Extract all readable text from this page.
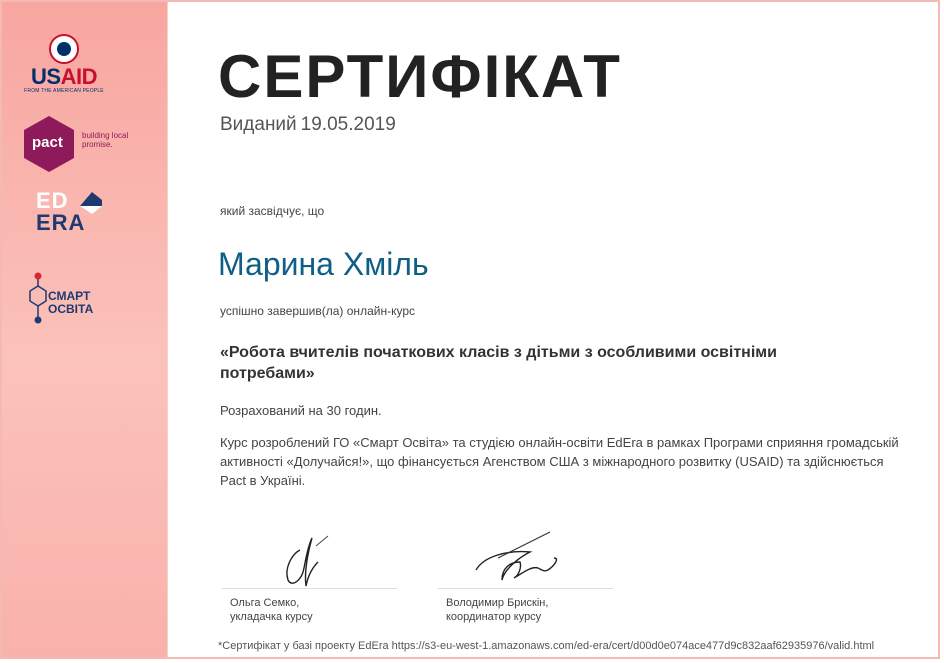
USAID
FROM THE AMERICAN PEOPLE
pact building local promise.
ED
ERA
СМАРТ
ОСВІТА
СЕРТИФІКАТ
Виданий 19.05.2019
який засвідчує, що
Марина Хміль
успішно завершив(ла) онлайн-курс
«Робота вчителів початкових класів з дітьми з особливими освітніми потребами»
Розрахований на 30 годин.
Курс розроблений ГО «Смарт Освіта» та студією онлайн-освіти EdEra в рамках Програми сприяння громадській активності «Долучайся!», що фінансується Агенством США з міжнародного розвитку (USAID) та здійснюється Pact в Україні.
Ольга Семко,
укладачка курсу
Володимир Брискін,
координатор курсу
*Сертифікат у базі проекту EdEra https://s3-eu-west-1.amazonaws.com/ed-era/cert/d00d0e074ace477d9c832aaf62935976/valid.html
